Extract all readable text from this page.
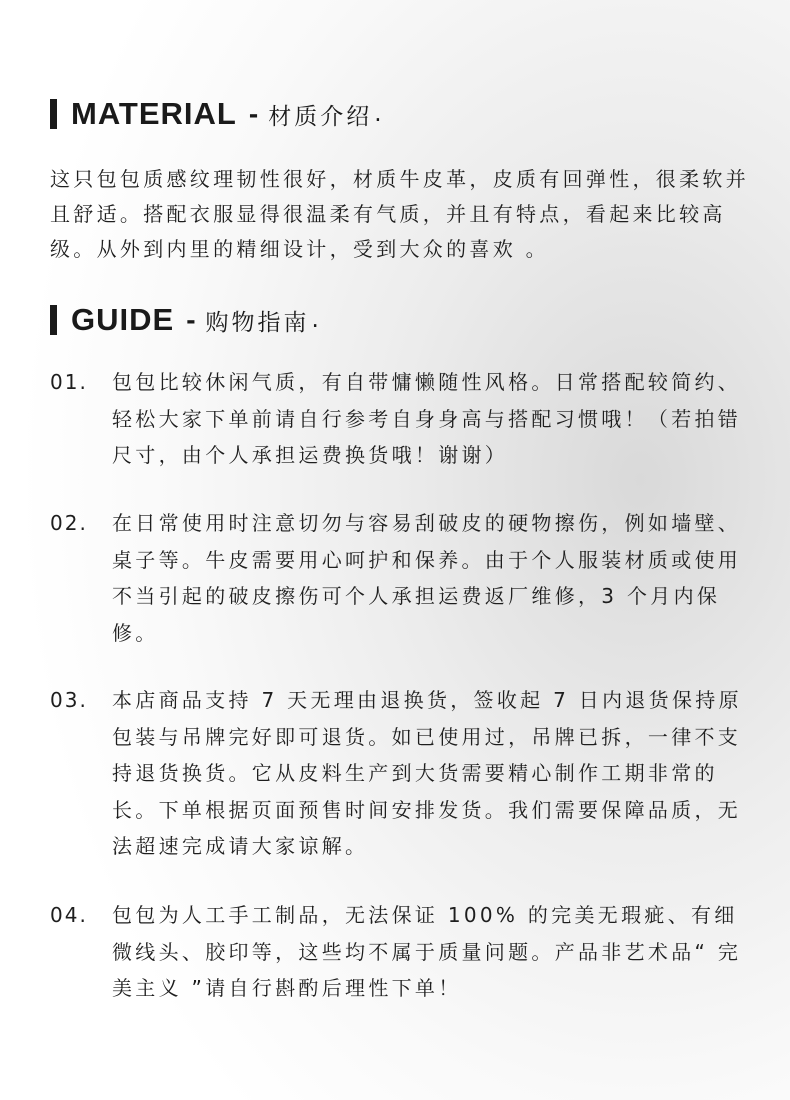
MATERIAL - 材质介绍 .

这只包包质感纹理韧性很好，材质牛皮革，皮质有回弹性，很柔软并且舒适。搭配衣服显得很温柔有气质，并且有特点，看起来比较高级。从外到内里的精细设计，受到大众的喜欢 。

GUIDE - 购物指南 .
01.	包包比较休闲气质，有自带慵懒随性风格。日常搭配较简约、轻松大家下单前请自行参考自身身高与搭配习惯哦！（若拍错尺寸，由个人承担运费换货哦！谢谢）
02.	在日常使用时注意切勿与容易刮破皮的硬物擦伤，例如墙壁、桌子等。牛皮需要用心呵护和保养。由于个人服装材质或使用不当引起的破皮擦伤可个人承担运费返厂维修，3 个月内保修。
03.	本店商品支持 7 天无理由退换货，签收起 7 日内退货保持原包装与吊牌完好即可退货。如已使用过，吊牌已拆，一律不支持退货换货。它从皮料生产到大货需要精心制作工期非常的长。下单根据页面预售时间安排发货。我们需要保障品质，无法超速完成请大家谅解。
04.	包包为人工手工制品，无法保证 100% 的完美无瑕疵、有细微线头、胶印等，这些均不属于质量问题。产品非艺术品“ 完美主义 ”请自行斟酌后理性下单！
